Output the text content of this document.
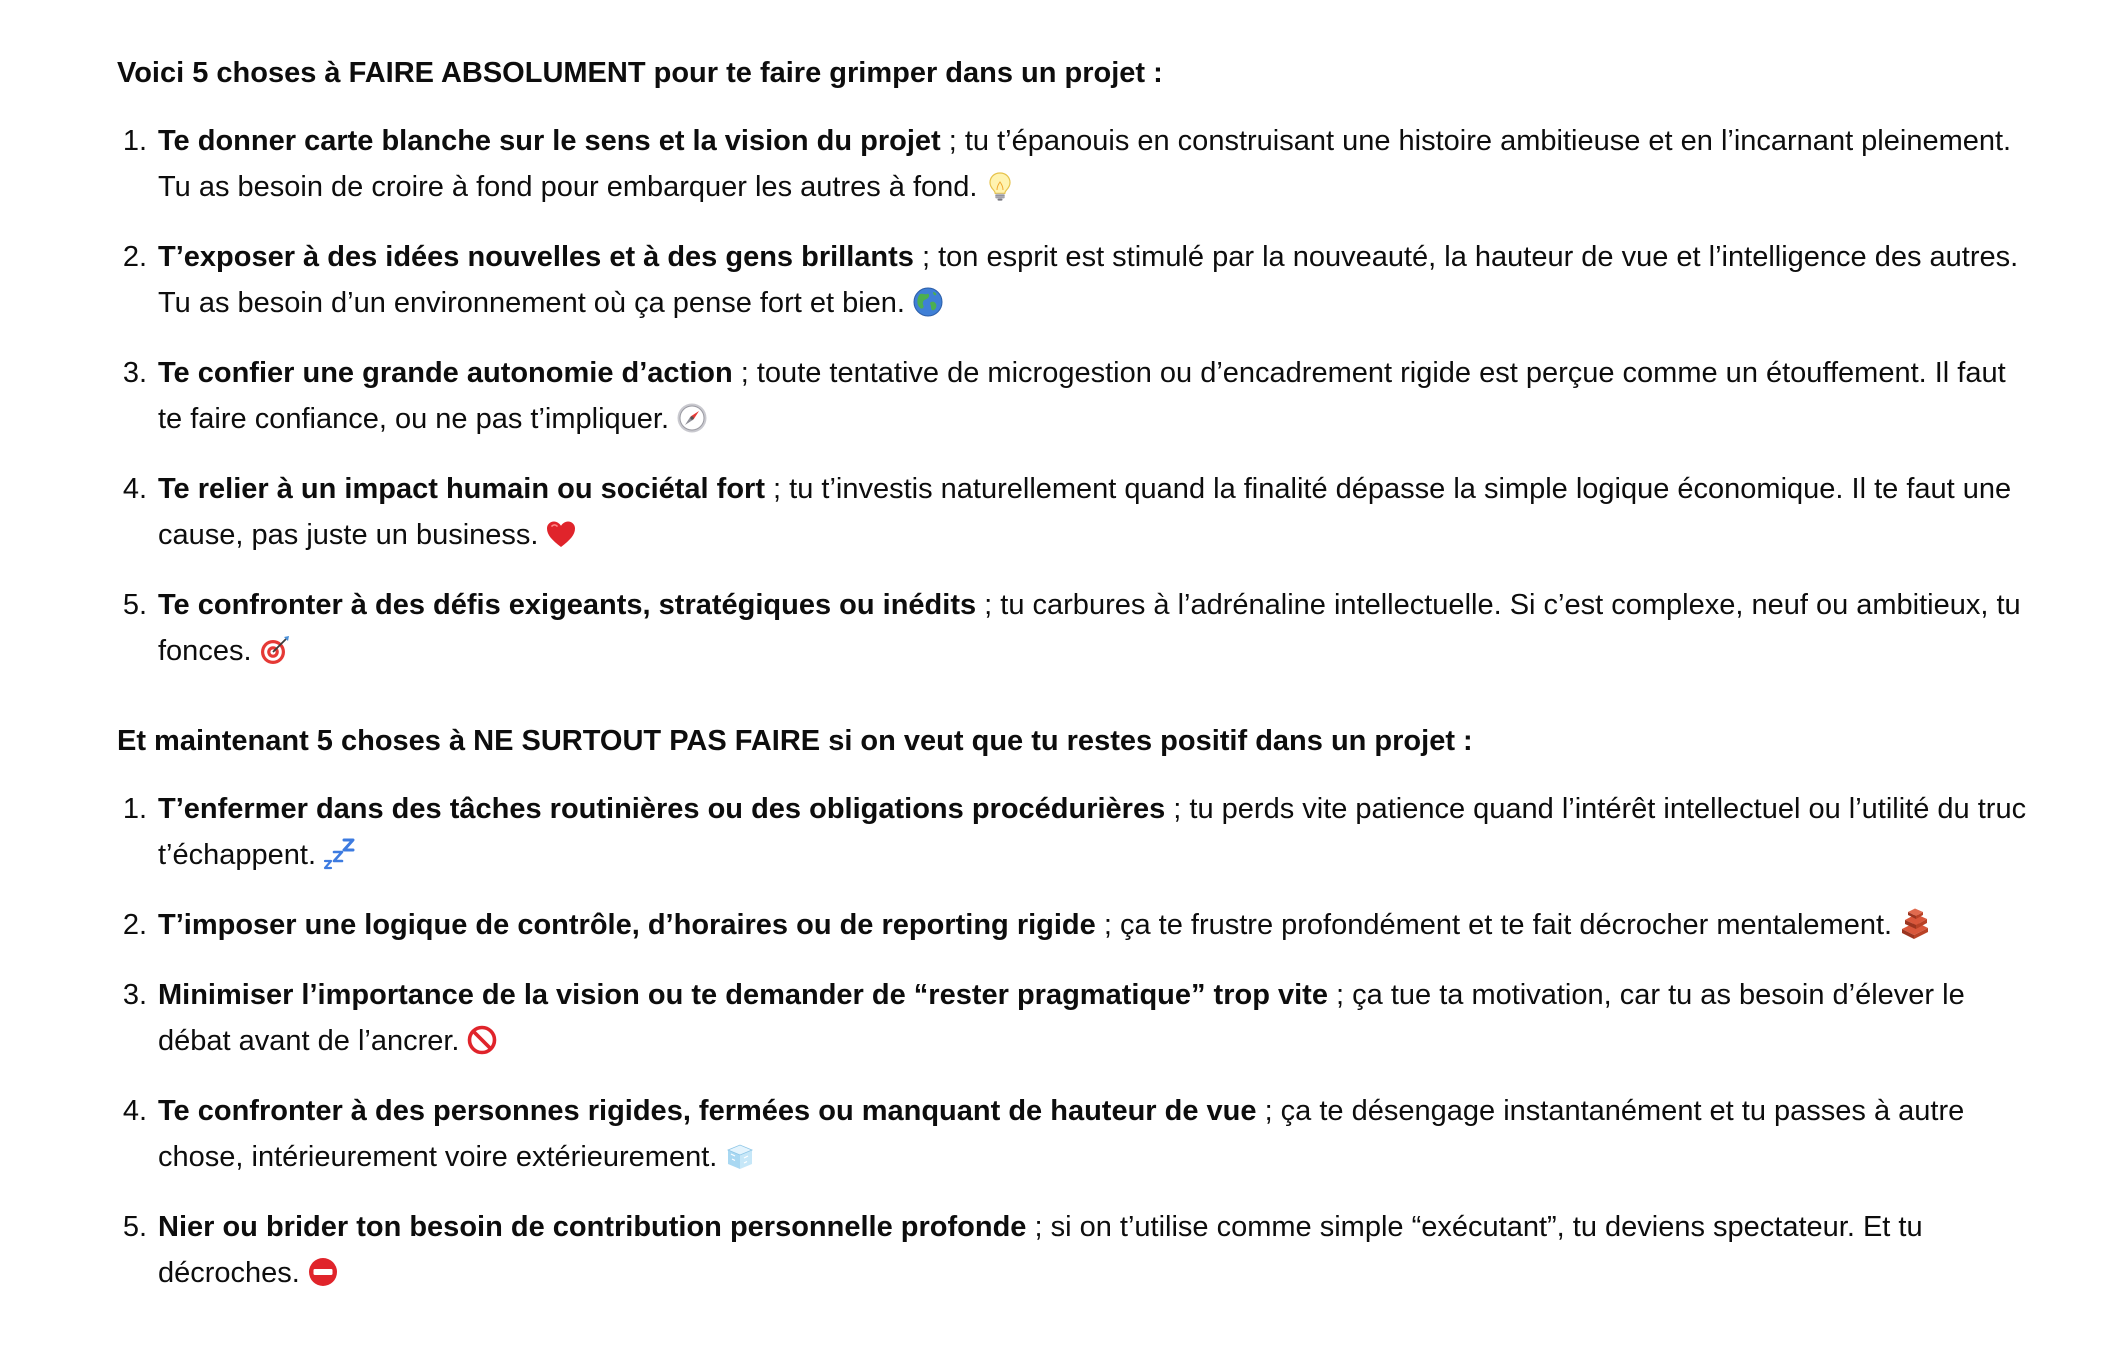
Voici 5 choses à FAIRE ABSOLUMENT pour te faire grimper dans un projet :

1. Te donner carte blanche sur le sens et la vision du projet ; tu t’épanouis en construisant une histoire ambitieuse et en l’incarnant pleinement. Tu as besoin de croire à fond pour embarquer les autres à fond.
2. T’exposer à des idées nouvelles et à des gens brillants ; ton esprit est stimulé par la nouveauté, la hauteur de vue et l’intelligence des autres. Tu as besoin d’un environnement où ça pense fort et bien.
3. Te confier une grande autonomie d’action ; toute tentative de microgestion ou d’encadrement rigide est perçue comme un étouffement. Il faut te faire confiance, ou ne pas t’impliquer.
4. Te relier à un impact humain ou sociétal fort ; tu t’investis naturellement quand la finalité dépasse la simple logique économique. Il te faut une cause, pas juste un business.
5. Te confronter à des défis exigeants, stratégiques ou inédits ; tu carbures à l’adrénaline intellectuelle. Si c’est complexe, neuf ou ambitieux, tu fonces.

Et maintenant 5 choses à NE SURTOUT PAS FAIRE si on veut que tu restes positif dans un projet :

1. T’enfermer dans des tâches routinières ou des obligations procédurières ; tu perds vite patience quand l’intérêt intellectuel ou l’utilité du truc t’échappent.
2. T’imposer une logique de contrôle, d’horaires ou de reporting rigide ; ça te frustre profondément et te fait décrocher mentalement.
3. Minimiser l’importance de la vision ou te demander de “rester pragmatique” trop vite ; ça tue ta motivation, car tu as besoin d’élever le débat avant de l’ancrer.
4. Te confronter à des personnes rigides, fermées ou manquant de hauteur de vue ; ça te désengage instantanément et tu passes à autre chose, intérieurement voire extérieurement.
5. Nier ou brider ton besoin de contribution personnelle profonde ; si on t’utilise comme simple “exécutant”, tu deviens spectateur. Et tu décroches.
